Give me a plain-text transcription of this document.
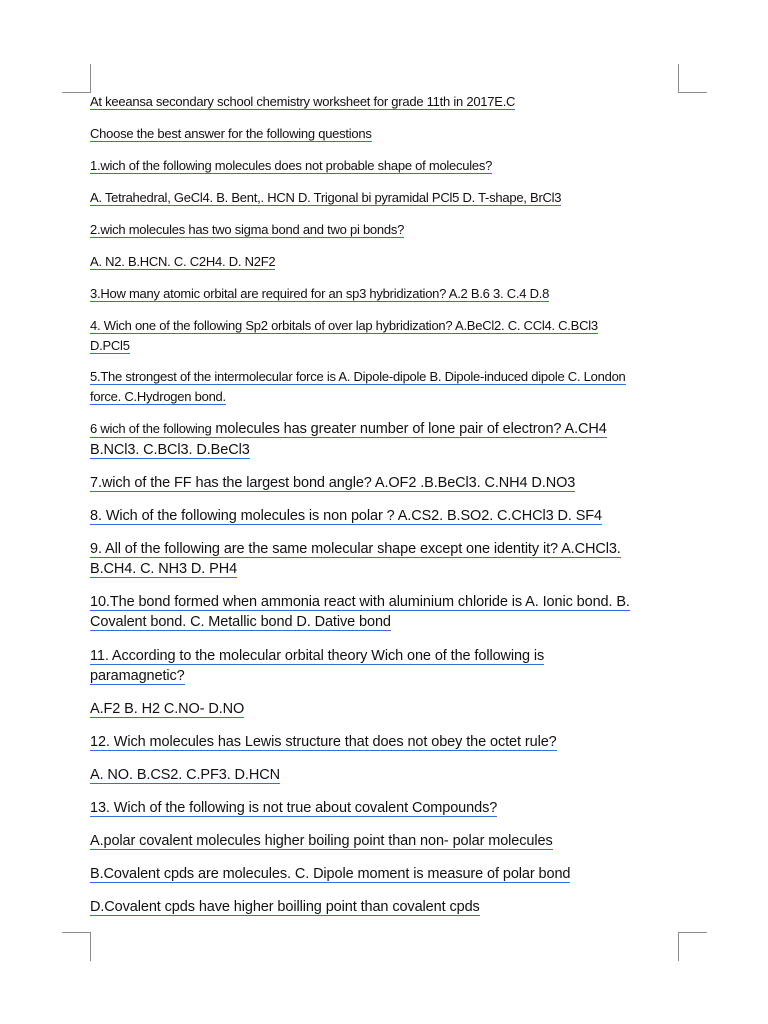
At keeansa secondary school chemistry worksheet for grade 11th in 2017E.C
Choose the best answer for the following questions
1.wich of the following molecules does not probable shape of molecules?
A. Tetrahedral, GeCl4. B. Bent,. HCN D. Trigonal bi pyramidal PCl5 D. T-shape, BrCl3
2.wich molecules has two sigma bond and two pi bonds?
A. N2. B.HCN. C. C2H4. D. N2F2
3.How many atomic orbital are required for an sp3 hybridization? A.2 B.6 3. C.4 D.8
4. Wich one of the following Sp2 orbitals of over lap hybridization? A.BeCl2. C. CCl4. C.BCl3
D.PCl5
5.The strongest of the intermolecular force is A. Dipole-dipole B. Dipole-induced dipole C. London
force. C.Hydrogen bond.
6 wich of the following molecules has greater number of lone pair of electron? A.CH4
B.NCl3. C.BCl3. D.BeCl3
7.wich of the FF has the largest bond angle? A.OF2 .B.BeCl3. C.NH4 D.NO3
8. Wich of the following molecules is non polar ? A.CS2. B.SO2. C.CHCl3 D. SF4
9. All of the following are the same molecular shape except one identity it? A.CHCl3.
B.CH4. C. NH3 D. PH4
10.The bond formed when ammonia react with aluminium chloride is A. Ionic bond. B.
Covalent bond. C. Metallic bond D. Dative bond
11. According to the molecular orbital theory Wich one of the following is
paramagnetic?
A.F2 B. H2 C.NO- D.NO
12. Wich molecules has Lewis structure that does not obey the octet rule?
A. NO. B.CS2. C.PF3. D.HCN
13. Wich of the following is not true about covalent Compounds?
A.polar covalent molecules higher boiling point than non- polar molecules
B.Covalent cpds are molecules. C. Dipole moment is measure of polar bond
D.Covalent cpds have higher boilling point than covalent cpds
